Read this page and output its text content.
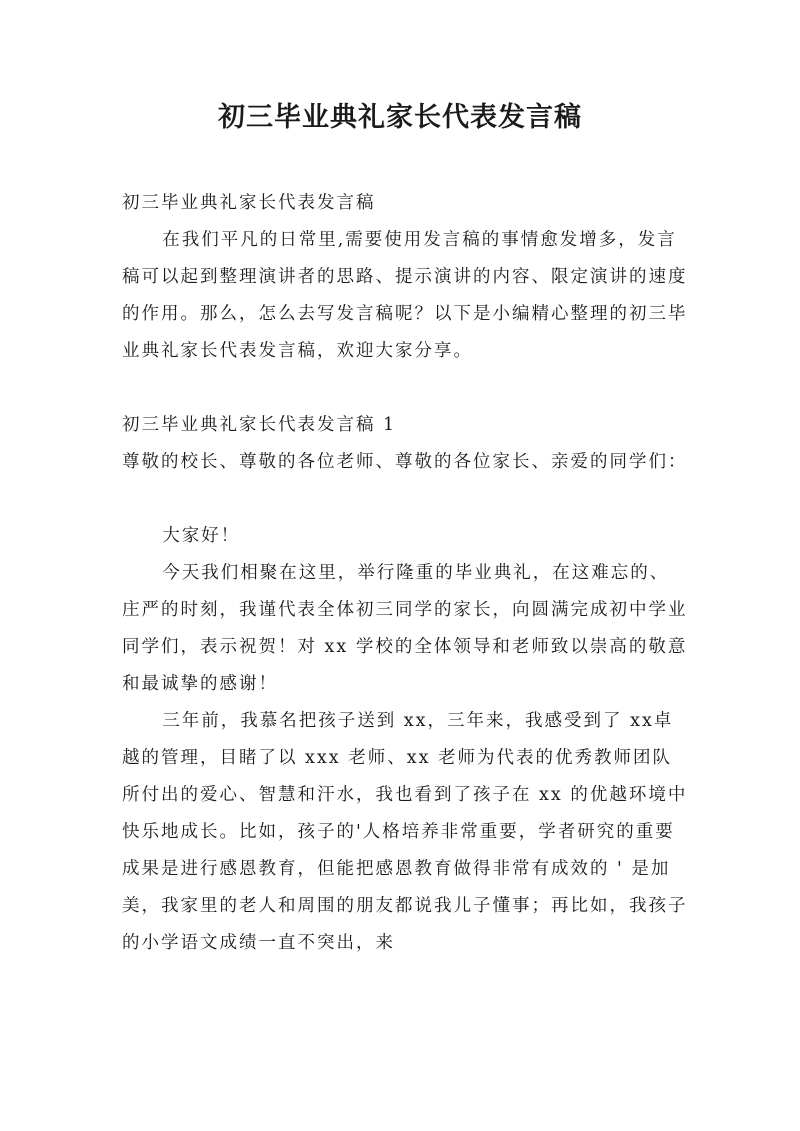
初三毕业典礼家长代表发言稿

初三毕业典礼家长代表发言稿

在我们平凡的日常里,需要使用发言稿的事情愈发增多，发言稿可以起到整理演讲者的思路、提示演讲的内容、限定演讲的速度的作用。那么，怎么去写发言稿呢？以下是小编精心整理的初三毕业典礼家长代表发言稿，欢迎大家分享。

初三毕业典礼家长代表发言稿 1

尊敬的校长、尊敬的各位老师、尊敬的各位家长、亲爱的同学们：

大家好！

今天我们相聚在这里，举行隆重的毕业典礼，在这难忘的、庄严的时刻，我谨代表全体初三同学的家长，向圆满完成初中学业同学们，表示祝贺！对 xx 学校的全体领导和老师致以崇高的敬意和最诚挚的感谢！

三年前，我慕名把孩子送到 xx，三年来，我感受到了 xx卓越的管理，目睹了以 xxx 老师、xx 老师为代表的优秀教师团队所付出的爱心、智慧和汗水，我也看到了孩子在 xx 的优越环境中快乐地成长。比如，孩子的'人格培养非常重要，学者研究的重要成果是进行感恩教育，但能把感恩教育做得非常有成效的 ' 是加美，我家里的老人和周围的朋友都说我儿子懂事；再比如，我孩子的小学语文成绩一直不突出，来
